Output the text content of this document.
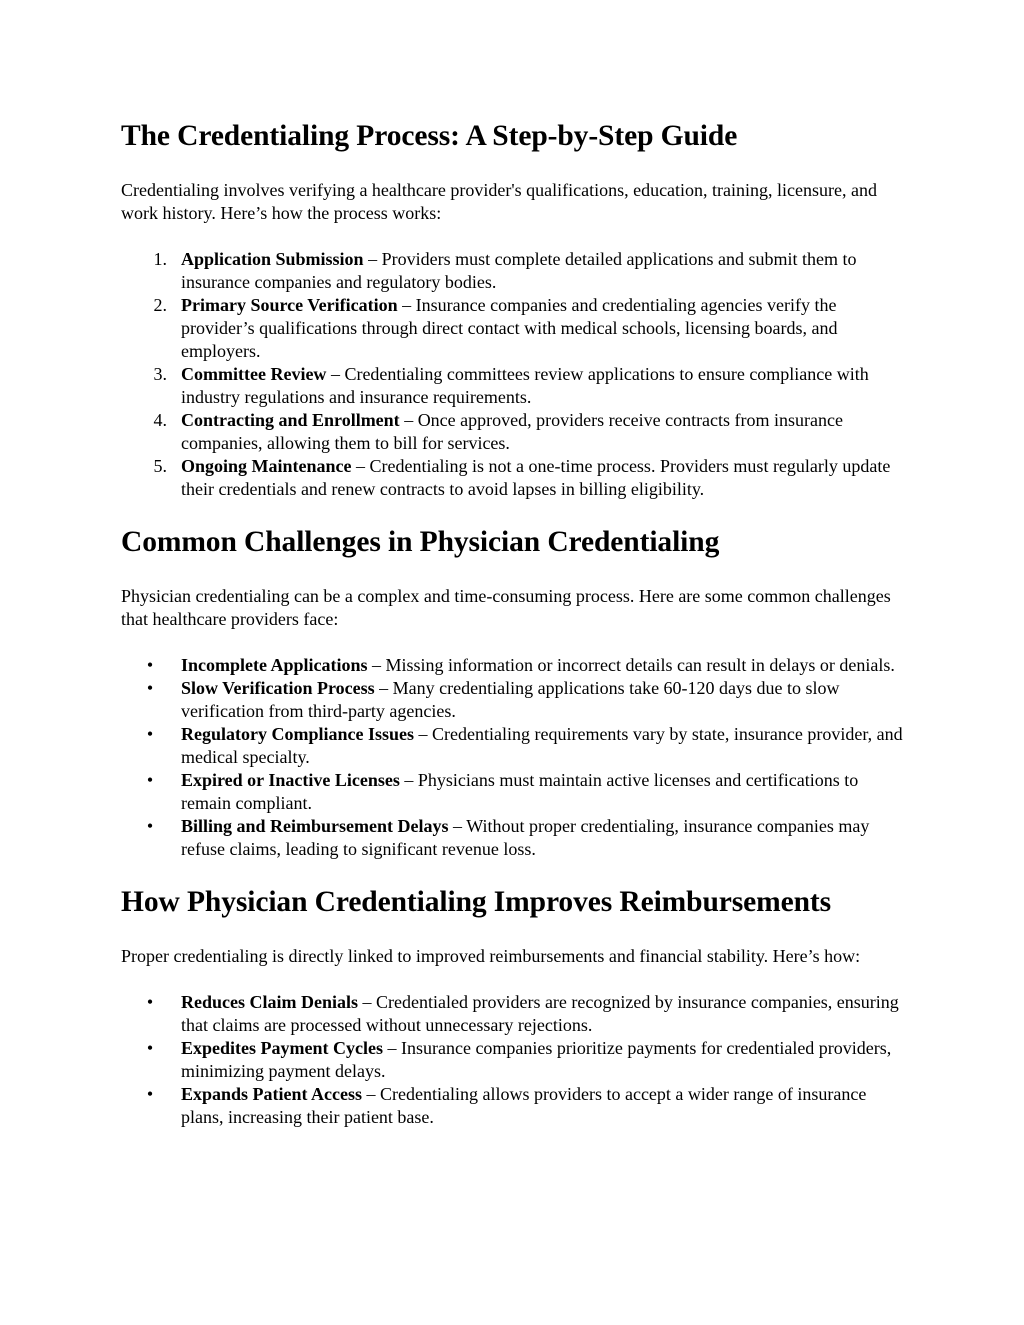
The Credentialing Process: A Step-by-Step Guide

Credentialing involves verifying a healthcare provider's qualifications, education, training, licensure, and work history. Here’s how the process works:

1. Application Submission – Providers must complete detailed applications and submit them to insurance companies and regulatory bodies.
2. Primary Source Verification – Insurance companies and credentialing agencies verify the provider’s qualifications through direct contact with medical schools, licensing boards, and employers.
3. Committee Review – Credentialing committees review applications to ensure compliance with industry regulations and insurance requirements.
4. Contracting and Enrollment – Once approved, providers receive contracts from insurance companies, allowing them to bill for services.
5. Ongoing Maintenance – Credentialing is not a one-time process. Providers must regularly update their credentials and renew contracts to avoid lapses in billing eligibility.
Common Challenges in Physician Credentialing

Physician credentialing can be a complex and time-consuming process. Here are some common challenges that healthcare providers face:

• Incomplete Applications – Missing information or incorrect details can result in delays or denials.
• Slow Verification Process – Many credentialing applications take 60-120 days due to slow verification from third-party agencies.
• Regulatory Compliance Issues – Credentialing requirements vary by state, insurance provider, and medical specialty.
• Expired or Inactive Licenses – Physicians must maintain active licenses and certifications to remain compliant.
• Billing and Reimbursement Delays – Without proper credentialing, insurance companies may refuse claims, leading to significant revenue loss.
How Physician Credentialing Improves Reimbursements

Proper credentialing is directly linked to improved reimbursements and financial stability. Here’s how:

• Reduces Claim Denials – Credentialed providers are recognized by insurance companies, ensuring that claims are processed without unnecessary rejections.
• Expedites Payment Cycles – Insurance companies prioritize payments for credentialed providers, minimizing payment delays.
• Expands Patient Access – Credentialing allows providers to accept a wider range of insurance plans, increasing their patient base.
